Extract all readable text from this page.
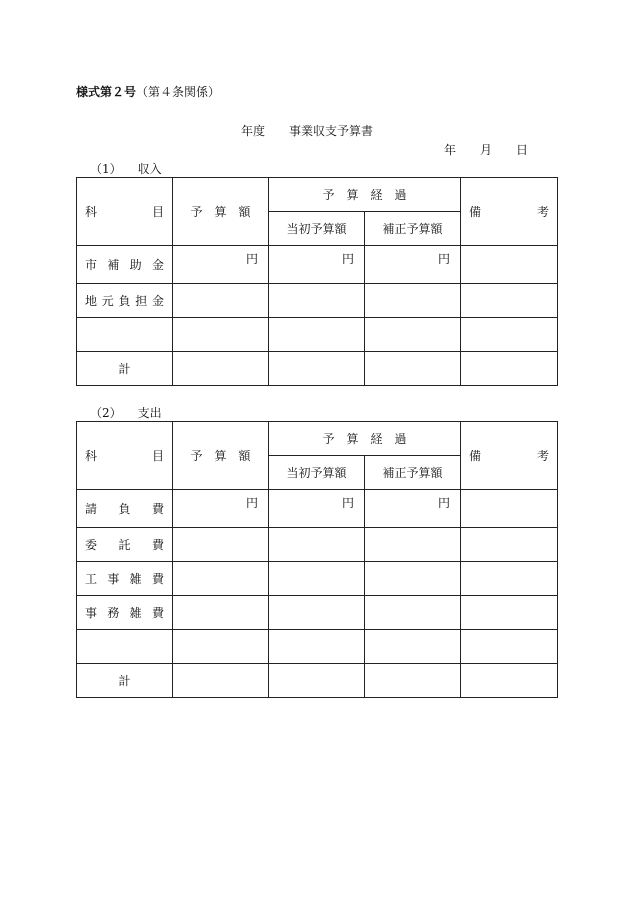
様式第２号（第４条関係）
年度 事業収支予算書
年 月 日
（1） 収入
科 目	予　算　額	予　算　経　過		備 考

		当初予算額	補正予算額	

市 補 助 金	円	円	円	

地 元 負 担 金				

計				
（2） 支出
科 目	予　算　額	予　算　経　過		備 考

		当初予算額	補正予算額	

請 負 費	円	円	円	

委 託 費				

工 事 雑 費				

事 務 雑 費				

計				
